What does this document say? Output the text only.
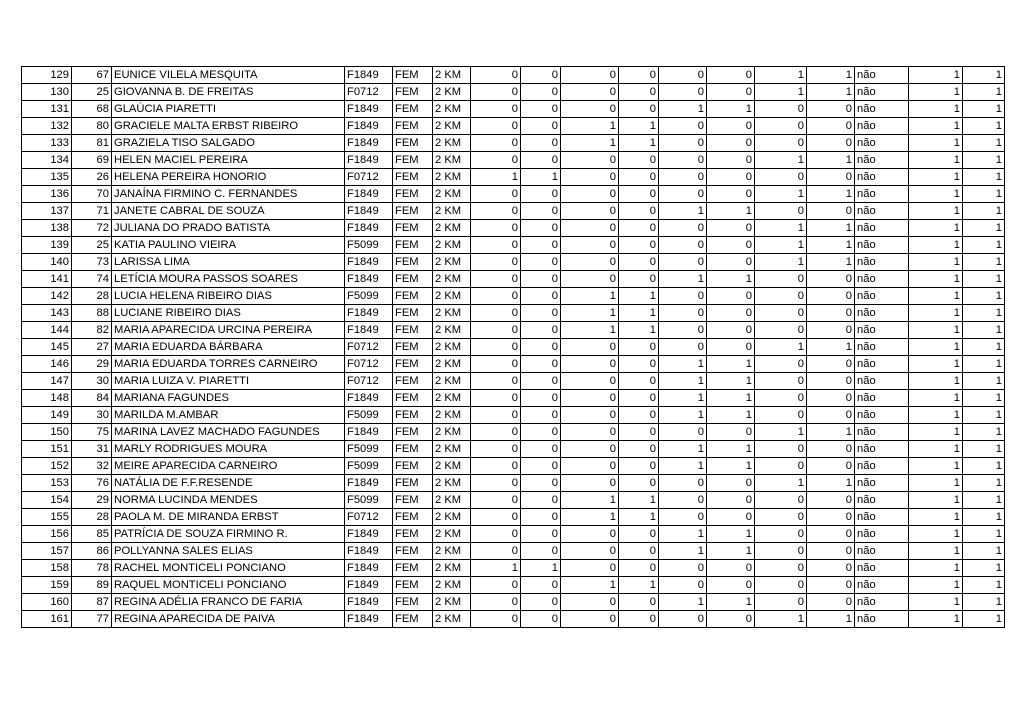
129	67	EUNICE VILELA MESQUITA	F1849	FEM	2 KM	0	0	0	0	0	0	1	1	não	1	1
130	25	GIOVANNA B. DE FREITAS	F0712	FEM	2 KM	0	0	0	0	0	0	1	1	não	1	1
131	68	GLAÚCIA PIARETTI	F1849	FEM	2 KM	0	0	0	0	1	1	0	0	não	1	1
132	80	GRACIELE MALTA ERBST RIBEIRO	F1849	FEM	2 KM	0	0	1	1	0	0	0	0	não	1	1
133	81	GRAZIELA TISO SALGADO	F1849	FEM	2 KM	0	0	1	1	0	0	0	0	não	1	1
134	69	HELEN MACIEL PEREIRA	F1849	FEM	2 KM	0	0	0	0	0	0	1	1	não	1	1
135	26	HELENA PEREIRA HONORIO	F0712	FEM	2 KM	1	1	0	0	0	0	0	0	não	1	1
136	70	JANAÍNA FIRMINO C. FERNANDES	F1849	FEM	2 KM	0	0	0	0	0	0	1	1	não	1	1
137	71	JANETE CABRAL DE SOUZA	F1849	FEM	2 KM	0	0	0	0	1	1	0	0	não	1	1
138	72	JULIANA DO PRADO BATISTA	F1849	FEM	2 KM	0	0	0	0	0	0	1	1	não	1	1
139	25	KATIA PAULINO VIEIRA	F5099	FEM	2 KM	0	0	0	0	0	0	1	1	não	1	1
140	73	LARISSA LIMA	F1849	FEM	2 KM	0	0	0	0	0	0	1	1	não	1	1
141	74	LETÍCIA MOURA PASSOS SOARES	F1849	FEM	2 KM	0	0	0	0	1	1	0	0	não	1	1
142	28	LUCIA HELENA RIBEIRO DIAS	F5099	FEM	2 KM	0	0	1	1	0	0	0	0	não	1	1
143	88	LUCIANE RIBEIRO DIAS	F1849	FEM	2 KM	0	0	1	1	0	0	0	0	não	1	1
144	82	MARIA APARECIDA URCINA PEREIRA	F1849	FEM	2 KM	0	0	1	1	0	0	0	0	não	1	1
145	27	MARIA EDUARDA BÁRBARA	F0712	FEM	2 KM	0	0	0	0	0	0	1	1	não	1	1
146	29	MARIA EDUARDA TORRES CARNEIRO	F0712	FEM	2 KM	0	0	0	0	1	1	0	0	não	1	1
147	30	MARIA LUIZA V. PIARETTI	F0712	FEM	2 KM	0	0	0	0	1	1	0	0	não	1	1
148	84	MARIANA FAGUNDES	F1849	FEM	2 KM	0	0	0	0	1	1	0	0	não	1	1
149	30	MARILDA M.AMBAR	F5099	FEM	2 KM	0	0	0	0	1	1	0	0	não	1	1
150	75	MARINA LAVEZ MACHADO FAGUNDES	F1849	FEM	2 KM	0	0	0	0	0	0	1	1	não	1	1
151	31	MARLY RODRIGUES MOURA	F5099	FEM	2 KM	0	0	0	0	1	1	0	0	não	1	1
152	32	MEIRE APARECIDA CARNEIRO	F5099	FEM	2 KM	0	0	0	0	1	1	0	0	não	1	1
153	76	NATÁLIA DE F.F.RESENDE	F1849	FEM	2 KM	0	0	0	0	0	0	1	1	não	1	1
154	29	NORMA LUCINDA MENDES	F5099	FEM	2 KM	0	0	1	1	0	0	0	0	não	1	1
155	28	PAOLA M. DE MIRANDA ERBST	F0712	FEM	2 KM	0	0	1	1	0	0	0	0	não	1	1
156	85	PATRÍCIA DE SOUZA FIRMINO R.	F1849	FEM	2 KM	0	0	0	0	1	1	0	0	não	1	1
157	86	POLLYANNA SALES ELIAS	F1849	FEM	2 KM	0	0	0	0	1	1	0	0	não	1	1
158	78	RACHEL MONTICELI PONCIANO	F1849	FEM	2 KM	1	1	0	0	0	0	0	0	não	1	1
159	89	RAQUEL MONTICELI PONCIANO	F1849	FEM	2 KM	0	0	1	1	0	0	0	0	não	1	1
160	87	REGINA ADÉLIA FRANCO DE FARIA	F1849	FEM	2 KM	0	0	0	0	1	1	0	0	não	1	1
161	77	REGINA APARECIDA DE PAIVA	F1849	FEM	2 KM	0	0	0	0	0	0	1	1	não	1	1
